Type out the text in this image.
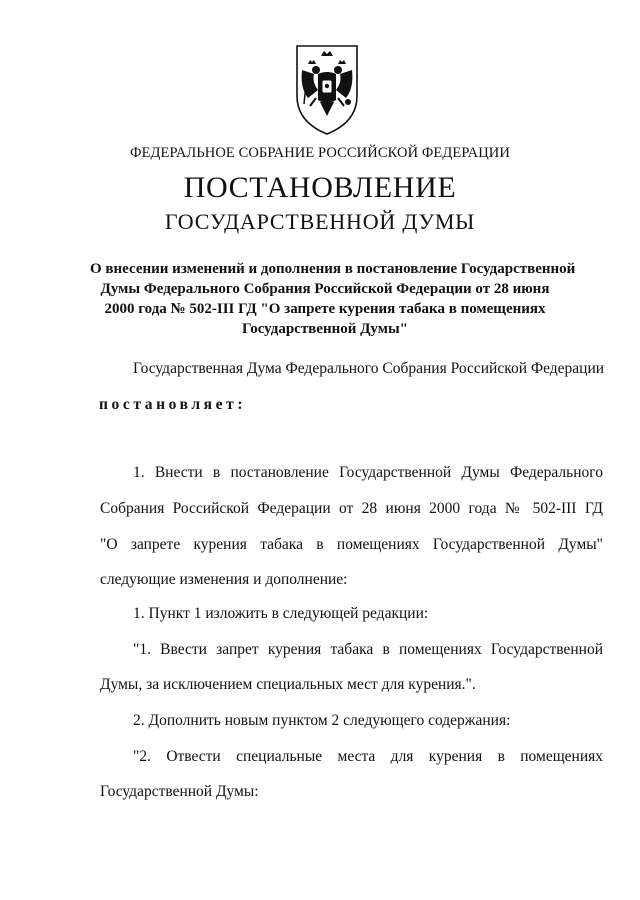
ФЕДЕРАЛЬНОЕ СОБРАНИЕ РОССИЙСКОЙ ФЕДЕРАЦИИ
ПОСТАНОВЛЕНИЕ
ГОСУДАРСТВЕННОЙ ДУМЫ
О внесении изменений и дополнения в постановление Государственной
Думы Федерального Собрания Российской Федерации от 28 июня
2000 года № 502-III ГД "О запрете курения табака в помещениях
Государственной Думы"
Государственная Дума Федерального Собрания Российской Федерации
постановляет:
1. Внести в постановление Государственной Думы Федерального
Собрания Российской Федерации от 28 июня 2000 года № 502-III ГД
"О запрете курения табака в помещениях Государственной Думы"
следующие изменения и дополнение:
1. Пункт 1 изложить в следующей редакции:
"1. Ввести запрет курения табака в помещениях Государственной
Думы, за исключением специальных мест для курения.".
2. Дополнить новым пунктом 2 следующего содержания:
"2. Отвести специальные места для курения в помещениях
Государственной Думы:
